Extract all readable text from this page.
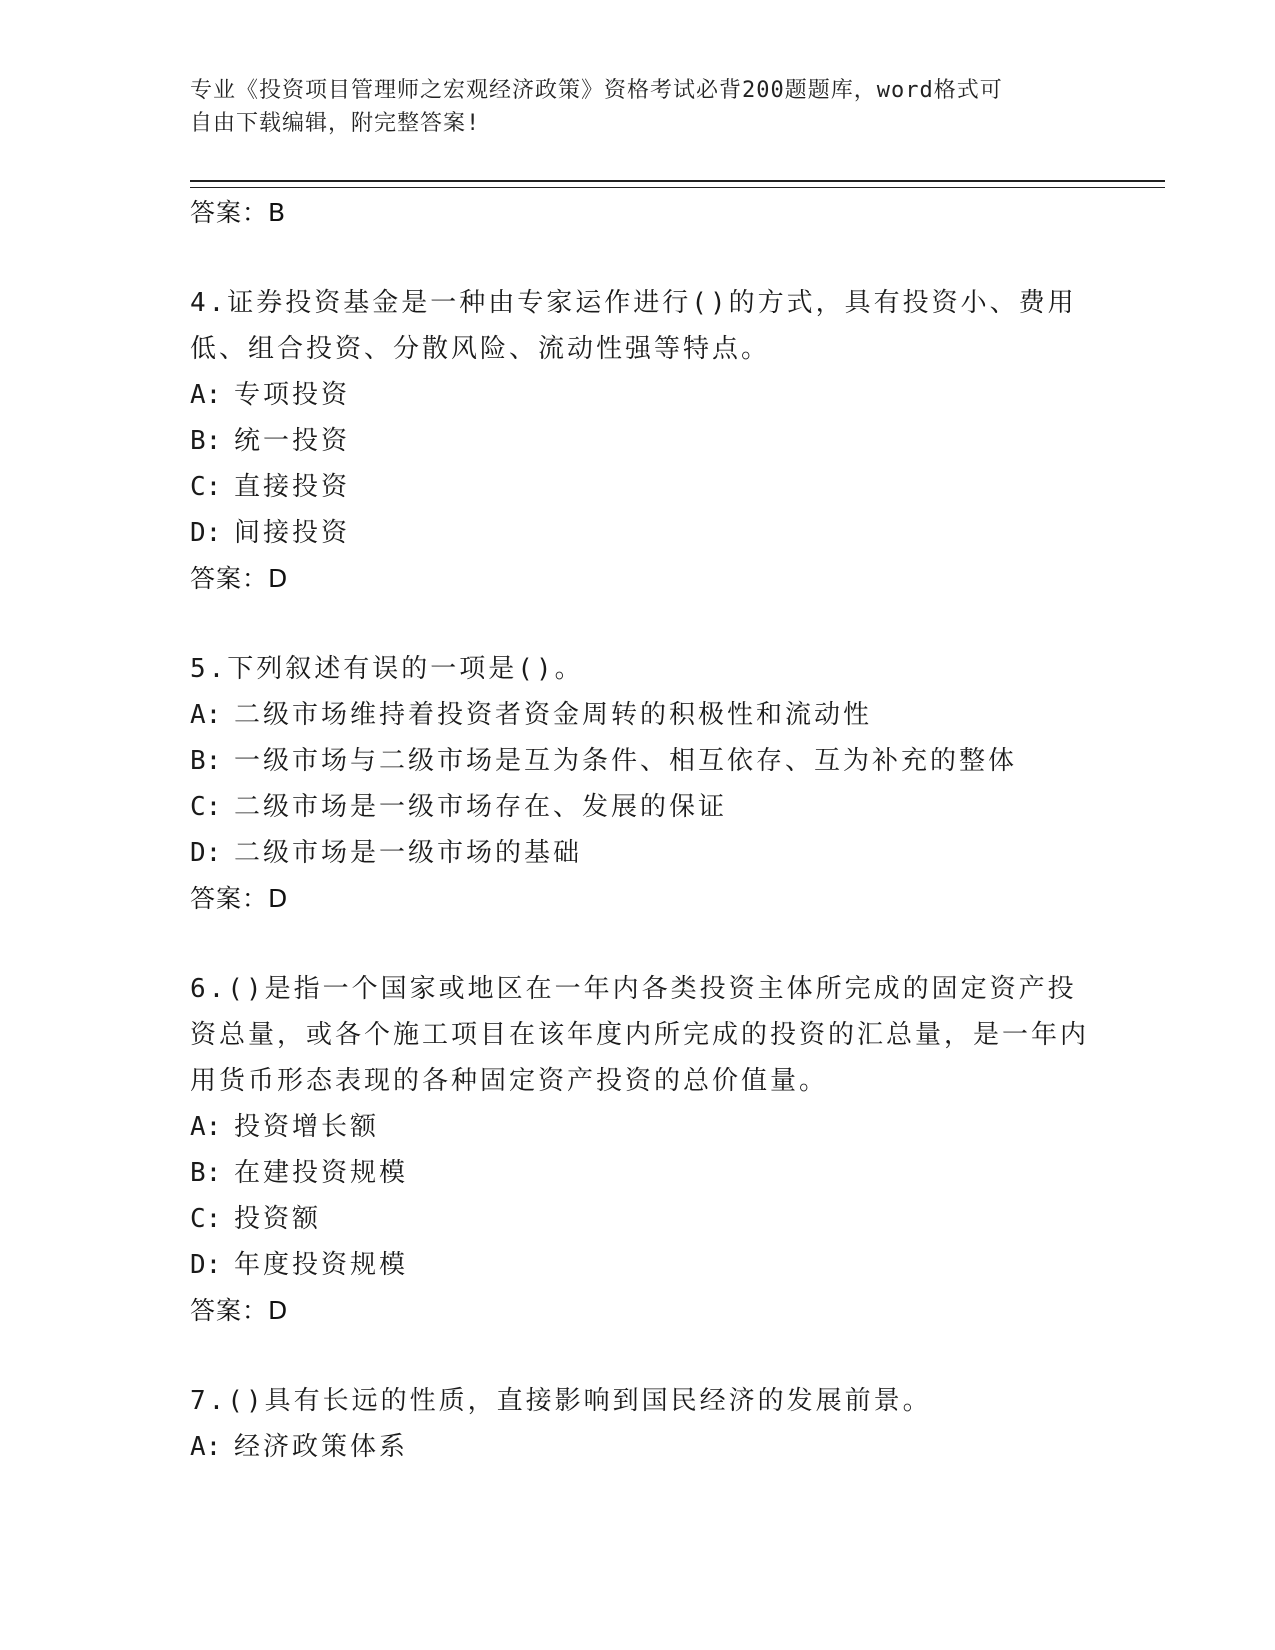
专业《投资项目管理师之宏观经济政策》资格考试必背200题题库，word格式可
自由下载编辑，附完整答案!
答案：B
4.证券投资基金是一种由专家运作进行()的方式，具有投资小、费用低、组合投资、分散风险、流动性强等特点。
A: 专项投资
B: 统一投资
C: 直接投资
D: 间接投资
答案：D
5.下列叙述有误的一项是()。
A: 二级市场维持着投资者资金周转的积极性和流动性
B: 一级市场与二级市场是互为条件、相互依存、互为补充的整体
C: 二级市场是一级市场存在、发展的保证
D: 二级市场是一级市场的基础
答案：D
6.()是指一个国家或地区在一年内各类投资主体所完成的固定资产投资总量，或各个施工项目在该年度内所完成的投资的汇总量，是一年内用货币形态表现的各种固定资产投资的总价值量。
A: 投资增长额
B: 在建投资规模
C: 投资额
D: 年度投资规模
答案：D
7.()具有长远的性质，直接影响到国民经济的发展前景。
A: 经济政策体系
